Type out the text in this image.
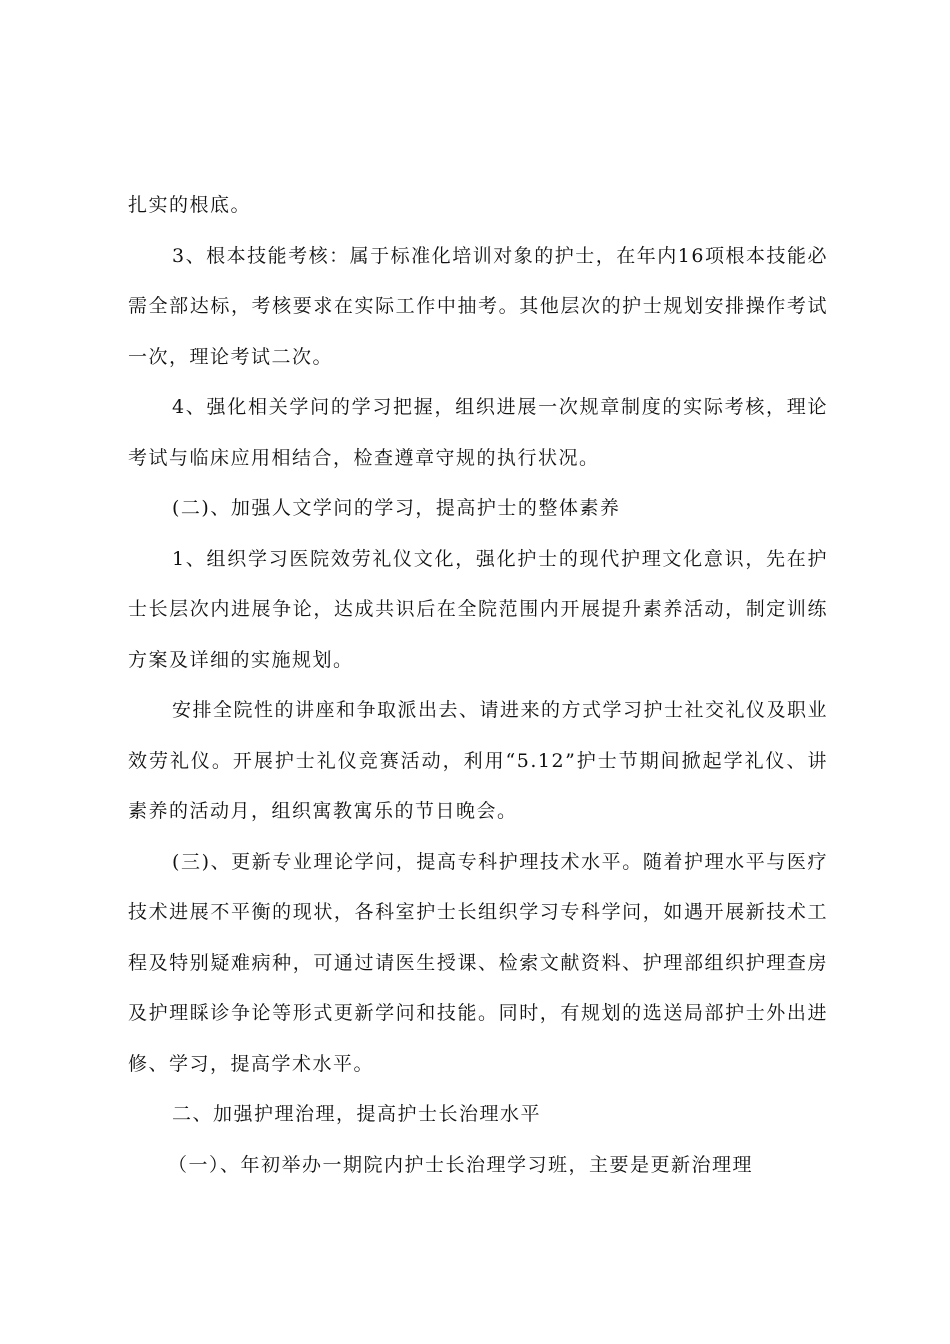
扎实的根底。

3、根本技能考核：属于标准化培训对象的护士，在年内16项根本技能必需全部达标，考核要求在实际工作中抽考。其他层次的护士规划安排操作考试一次，理论考试二次。

4、强化相关学问的学习把握，组织进展一次规章制度的实际考核，理论考试与临床应用相结合，检查遵章守规的执行状况。

(二)、加强人文学问的学习，提高护士的整体素养

1、组织学习医院效劳礼仪文化，强化护士的现代护理文化意识，先在护士长层次内进展争论，达成共识后在全院范围内开展提升素养活动，制定训练方案及详细的实施规划。

安排全院性的讲座和争取派出去、请进来的方式学习护士社交礼仪及职业效劳礼仪。开展护士礼仪竞赛活动，利用“5.12”护士节期间掀起学礼仪、讲素养的活动月，组织寓教寓乐的节日晚会。

(三)、更新专业理论学问，提高专科护理技术水平。随着护理水平与医疗技术进展不平衡的现状，各科室护士长组织学习专科学问，如遇开展新技术工程及特别疑难病种，可通过请医生授课、检索文献资料、护理部组织护理查房及护理睬诊争论等形式更新学问和技能。同时，有规划的选送局部护士外出进修、学习，提高学术水平。

二、加强护理治理，提高护士长治理水平

（一）、年初举办一期院内护士长治理学习班，主要是更新治理理
